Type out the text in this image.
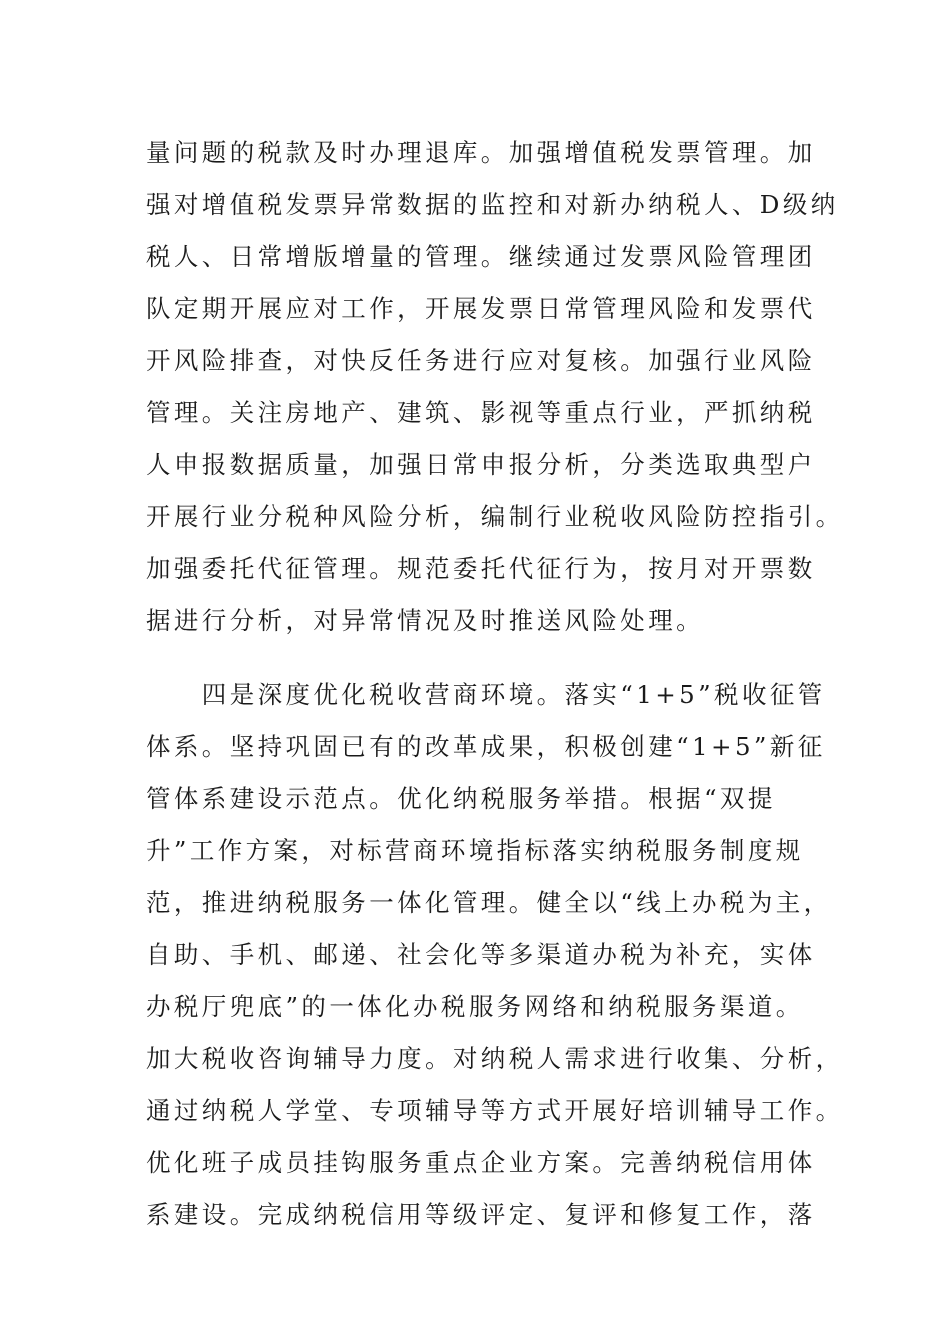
量问题的税款及时办理退库。加强增值税发票管理。加
强对增值税发票异常数据的监控和对新办纳税人、D级纳
税人、日常增版增量的管理。继续通过发票风险管理团
队定期开展应对工作，开展发票日常管理风险和发票代
开风险排查，对快反任务进行应对复核。加强行业风险
管理。关注房地产、建筑、影视等重点行业，严抓纳税
人申报数据质量，加强日常申报分析，分类选取典型户
开展行业分税种风险分析，编制行业税收风险防控指引。
加强委托代征管理。规范委托代征行为，按月对开票数
据进行分析，对异常情况及时推送风险处理。
　　四是深度优化税收营商环境。落实“1+5”税收征管
体系。坚持巩固已有的改革成果，积极创建“1+5”新征
管体系建设示范点。优化纳税服务举措。根据“双提
升”工作方案，对标营商环境指标落实纳税服务制度规
范，推进纳税服务一体化管理。健全以“线上办税为主，
自助、手机、邮递、社会化等多渠道办税为补充，实体
办税厅兜底”的一体化办税服务网络和纳税服务渠道。
加大税收咨询辅导力度。对纳税人需求进行收集、分析，
通过纳税人学堂、专项辅导等方式开展好培训辅导工作。
优化班子成员挂钩服务重点企业方案。完善纳税信用体
系建设。完成纳税信用等级评定、复评和修复工作，落
